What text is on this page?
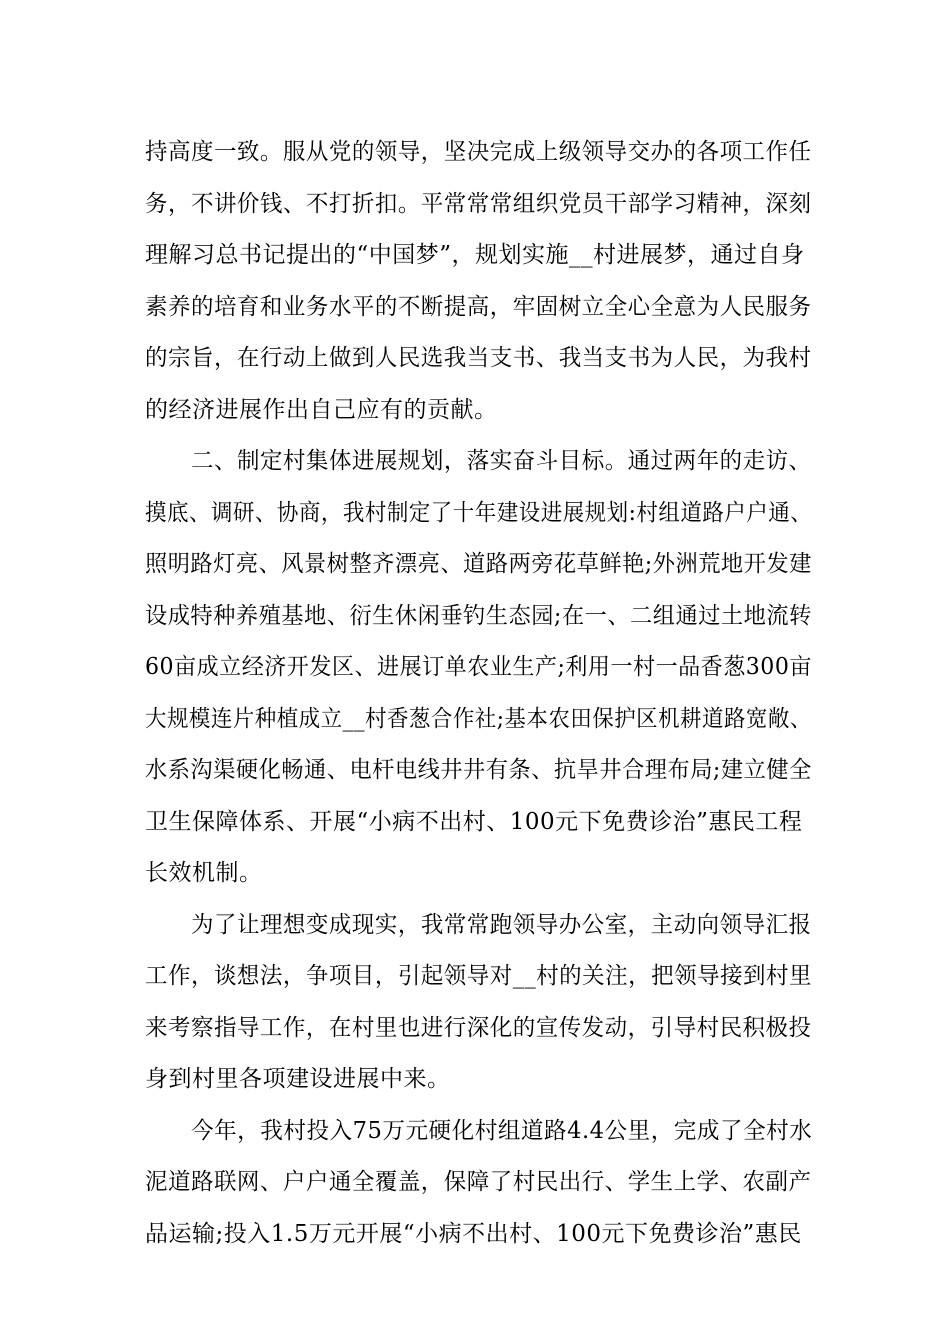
持高度一致。服从党的领导，坚决完成上级领导交办的各项工作任
务，不讲价钱、不打折扣。平常常常组织党员干部学习精神，深刻
理解习总书记提出的“中国梦”，规划实施__村进展梦，通过自身
素养的培育和业务水平的不断提高，牢固树立全心全意为人民服务
的宗旨，在行动上做到人民选我当支书、我当支书为人民，为我村
的经济进展作出自己应有的贡献。
二、制定村集体进展规划，落实奋斗目标。通过两年的走访、
摸底、调研、协商，我村制定了十年建设进展规划:村组道路户户通、
照明路灯亮、风景树整齐漂亮、道路两旁花草鲜艳;外洲荒地开发建
设成特种养殖基地、衍生休闲垂钓生态园;在一、二组通过土地流转
60亩成立经济开发区、进展订单农业生产;利用一村一品香葱300亩
大规模连片种植成立__村香葱合作社;基本农田保护区机耕道路宽敞、
水系沟渠硬化畅通、电杆电线井井有条、抗旱井合理布局;建立健全
卫生保障体系、开展“小病不出村、100元下免费诊治”惠民工程
长效机制。
为了让理想变成现实，我常常跑领导办公室，主动向领导汇报
工作，谈想法，争项目，引起领导对__村的关注，把领导接到村里
来考察指导工作，在村里也进行深化的宣传发动，引导村民积极投
身到村里各项建设进展中来。
今年，我村投入75万元硬化村组道路4.4公里，完成了全村水
泥道路联网、户户通全覆盖，保障了村民出行、学生上学、农副产
品运输;投入1.5万元开展“小病不出村、100元下免费诊治”惠民
